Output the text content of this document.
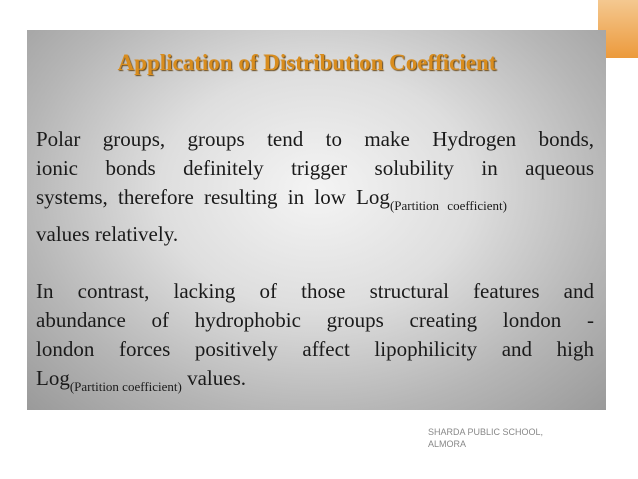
Application of Distribution Coefficient
Polar groups, groups tend to make Hydrogen bonds,
ionic bonds definitely trigger solubility in aqueous
systems, therefore resulting in low Log$_{(Partition coefficient)}$
values relatively.
In contrast, lacking of those structural features and
abundance of hydrophobic groups creating london -
london forces positively affect lipophilicity and high
Log$_{(Partition coefficient)}$ values.
SHARDA PUBLIC SCHOOL,
ALMORA
